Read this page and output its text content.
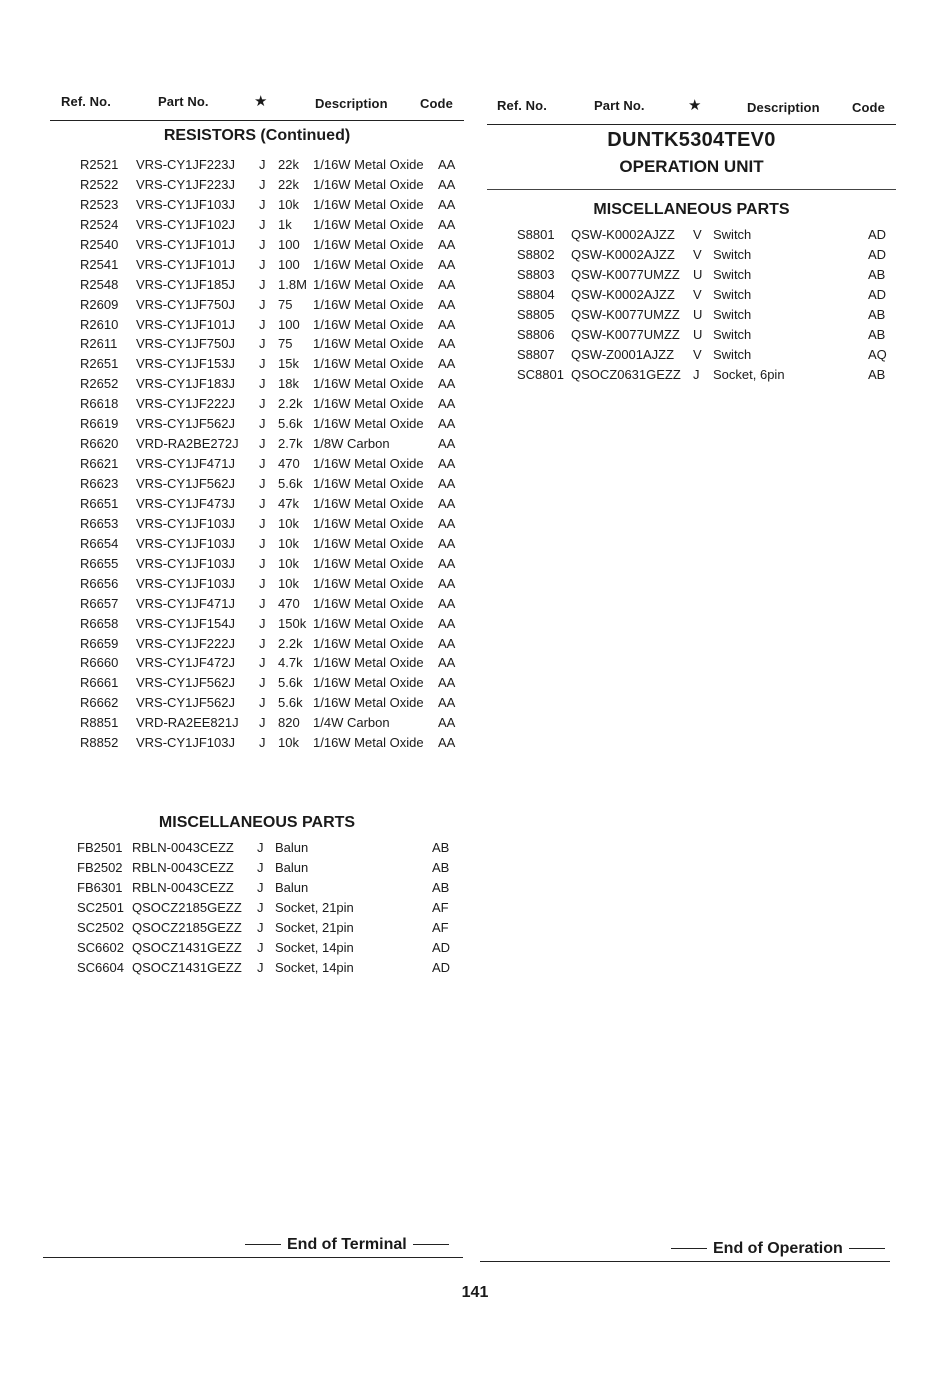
Ref. No.	Part No.	★	Description Code	Ref. No.	Part No.	★	Description Code
RESISTORS (Continued)
R2521 VRS-CY1JF223J J 22k 1/16W Metal Oxide AA
R2522 VRS-CY1JF223J J 22k 1/16W Metal Oxide AA
R2523 VRS-CY1JF103J J 10k 1/16W Metal Oxide AA
R2524 VRS-CY1JF102J J 1k 1/16W Metal Oxide AA
R2540 VRS-CY1JF101J J 100 1/16W Metal Oxide AA
R2541 VRS-CY1JF101J J 100 1/16W Metal Oxide AA
R2548 VRS-CY1JF185J J 1.8M 1/16W Metal Oxide AA
R2609 VRS-CY1JF750J J 75 1/16W Metal Oxide AA
R2610 VRS-CY1JF101J J 100 1/16W Metal Oxide AA
R2611 VRS-CY1JF750J J 75 1/16W Metal Oxide AA
R2651 VRS-CY1JF153J J 15k 1/16W Metal Oxide AA
R2652 VRS-CY1JF183J J 18k 1/16W Metal Oxide AA
R6618 VRS-CY1JF222J J 2.2k 1/16W Metal Oxide AA
R6619 VRS-CY1JF562J J 5.6k 1/16W Metal Oxide AA
R6620 VRD-RA2BE272J J 2.7k 1/8W Carbon	AA
R6621 VRS-CY1JF471J J 470 1/16W Metal Oxide AA
R6623 VRS-CY1JF562J J 5.6k 1/16W Metal Oxide AA
R6651 VRS-CY1JF473J J 47k 1/16W Metal Oxide AA
R6653 VRS-CY1JF103J J 10k 1/16W Metal Oxide AA
R6654 VRS-CY1JF103J J 10k 1/16W Metal Oxide AA
R6655 VRS-CY1JF103J J 10k 1/16W Metal Oxide AA
R6656 VRS-CY1JF103J J 10k 1/16W Metal Oxide AA
R6657 VRS-CY1JF471J J 470 1/16W Metal Oxide AA
R6658 VRS-CY1JF154J J 150k 1/16W Metal Oxide AA
R6659 VRS-CY1JF222J J 2.2k 1/16W Metal Oxide AA
R6660 VRS-CY1JF472J J 4.7k 1/16W Metal Oxide AA
R6661 VRS-CY1JF562J J 5.6k 1/16W Metal Oxide AA
R6662 VRS-CY1JF562J J 5.6k 1/16W Metal Oxide AA
R8851 VRD-RA2EE821J J 820 1/4W Carbon	AA
R8852 VRS-CY1JF103J J 10k 1/16W Metal Oxide AA
MISCELLANEOUS PARTS
FB2501 RBLN-0043CEZZ J Balun	AB
FB2502 RBLN-0043CEZZ J Balun	AB
FB6301 RBLN-0043CEZZ J Balun	AB
SC2501 QSOCZ2185GEZZ J Socket, 21pin	AF
SC2502 QSOCZ2185GEZZ J Socket, 21pin	AF
SC6602 QSOCZ1431GEZZ J Socket, 14pin	AD
SC6604 QSOCZ1431GEZZ J Socket, 14pin	AD
DUNTK5304TEV0
OPERATION UNIT
MISCELLANEOUS PARTS
S8801 QSW-K0002AJZZ V Switch	AD
S8802 QSW-K0002AJZZ V Switch	AD
S8803 QSW-K0077UMZZ U Switch	AB
S8804 QSW-K0002AJZZ V Switch	AD
S8805 QSW-K0077UMZZ U Switch	AB
S8806 QSW-K0077UMZZ U Switch	AB
S8807 QSW-Z0001AJZZ V Switch	AQ
SC8801 QSOCZ0631GEZZ J Socket, 6pin	AB
End of Terminal	End of Operation
141
